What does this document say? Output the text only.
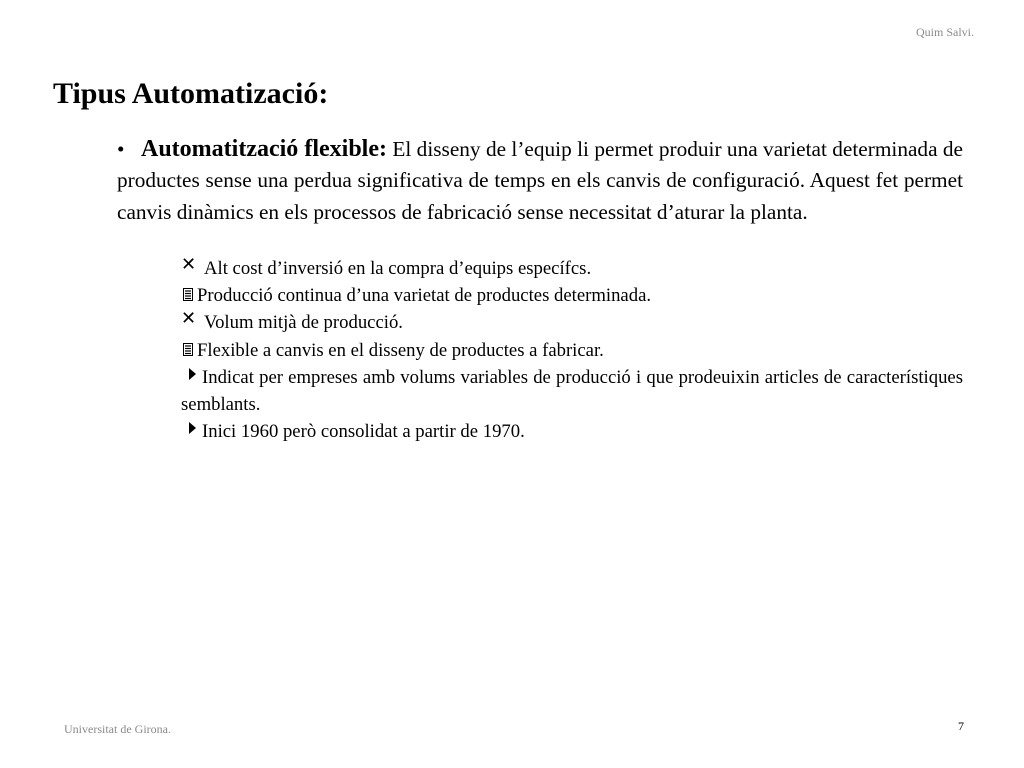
Quim Salvi.
Tipus Automatizació:

• Automatització flexible: El disseny de l’equip li permet produir una varietat determinada de productes sense una perdua significativa de temps en els canvis de configuració. Aquest fet permet canvis dinàmics en els processos de fabricació sense necessitat d’aturar la planta.

✕ Alt cost d’inversió en la compra d’equips específcs.
Producció continua d’una varietat de productes determinada.
✕ Volum mitjà de producció.
Flexible a canvis en el disseny de productes a fabricar.
Indicat per empreses amb volums variables de producció i que prodeuixin articles de característiques semblants.
Inici 1960 però consolidat a partir de 1970.
Universitat de Girona.	7
